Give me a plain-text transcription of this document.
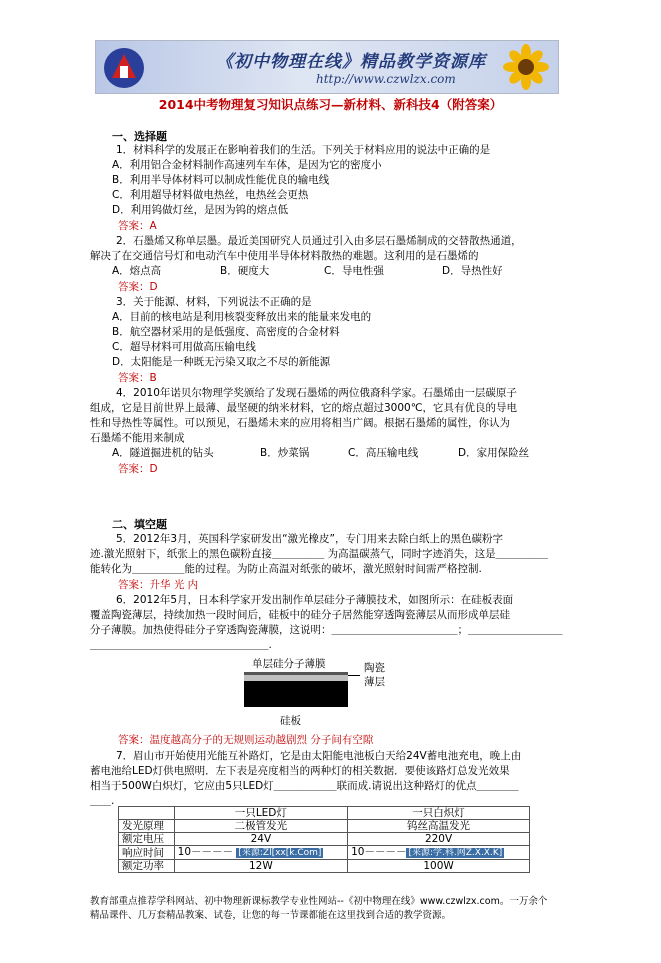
《初中物理在线》精品教学资源库
http://www.czwlzx.com
2014中考物理复习知识点练习—新材料、新科技4（附答案）
一、选择题
1．材料科学的发展正在影响着我们的生活。下列关于材料应用的说法中正确的是
A．利用铝合金材料制作高速列车车体，是因为它的密度小
B．利用半导体材料可以制成性能优良的输电线
C．利用超导材料做电热丝，电热丝会更热
D．利用钨做灯丝，是因为钨的熔点低
答案：A
2．石墨烯又称单层墨。最近美国研究人员通过引入由多层石墨烯制成的交替散热通道，
解决了在交通信号灯和电动汽车中使用半导体材料散热的难题。这利用的是石墨烯的
A．熔点高	B．硬度大	C．导电性强	D．导热性好
答案：D
3．关于能源、材料，下列说法不正确的是
A．目前的核电站是利用核裂变释放出来的能量来发电的
B．航空器材采用的是低强度、高密度的合金材料
C．超导材料可用做高压输电线
D．太阳能是一种既无污染又取之不尽的新能源
答案：B
4．2010年诺贝尔物理学奖颁给了发现石墨烯的两位俄裔科学家。石墨烯由一层碳原子
组成，它是目前世界上最薄、最坚硬的纳米材料，它的熔点超过3000℃，它具有优良的导电
性和导热性等属性。可以预见，石墨烯未来的应用将相当广阔。根据石墨烯的属性，你认为
石墨烯不能用来制成
A．隧道掘进机的钻头	B．炒菜锅	C．高压输电线	D．家用保险丝
答案：D
二、填空题
5．2012年3月，英国科学家研发出“激光橡皮”，专门用来去除白纸上的黑色碳粉字
迹.激光照射下，纸张上的黑色碳粉直接＿＿＿＿＿ 为高温碳蒸气，同时字迹消失，这是＿＿＿＿＿
能转化为＿＿＿＿＿能的过程。为防止高温对纸张的破坏，激光照射时间需严格控制.
答案：升华 光 内
6．2012年5月，日本科学家开发出制作单层硅分子薄膜技术，如图所示：在硅板表面
覆盖陶瓷薄层，持续加热一段时间后，硅板中的硅分子居然能穿透陶瓷薄层从而形成单层硅
分子薄膜。加热使得硅分子穿透陶瓷薄膜，这说明：＿＿＿＿＿＿＿＿＿＿＿＿；＿＿＿＿＿＿＿＿＿
＿＿＿＿＿＿＿＿＿＿＿＿＿＿＿＿＿.
单层硅分子薄膜	陶瓷
薄层
硅板
答案：温度越高分子的无规则运动越剧烈 分子间有空隙
7．眉山市开始使用光能互补路灯，它是由太阳能电池板白天给24V蓄电池充电，晚上由
蓄电池给LED灯供电照明．左下表是亮度相当的两种灯的相关数据．要使该路灯总发光效果
相当于500W白炽灯，它应由5只LED灯＿＿＿＿＿＿联而成.请说出这种路灯的优点＿＿＿＿
＿＿.
	一只LED灯	一只白炽灯
发光原理	二极管发光	钨丝高温发光
额定电压	24V	220V
响应时间	10－－－－ [来源:Zl[xx[k.Com]	10－－－－ [来源:学.科.网Z.X.X.K]
额定功率	12W	100W
教育部重点推荐学科网站、初中物理新课标教学专业性网站--《初中物理在线》www.czwlzx.com。一万余个
精品课件、几万套精品教案、试卷，让您的每一节课都能在这里找到合适的教学资源。
